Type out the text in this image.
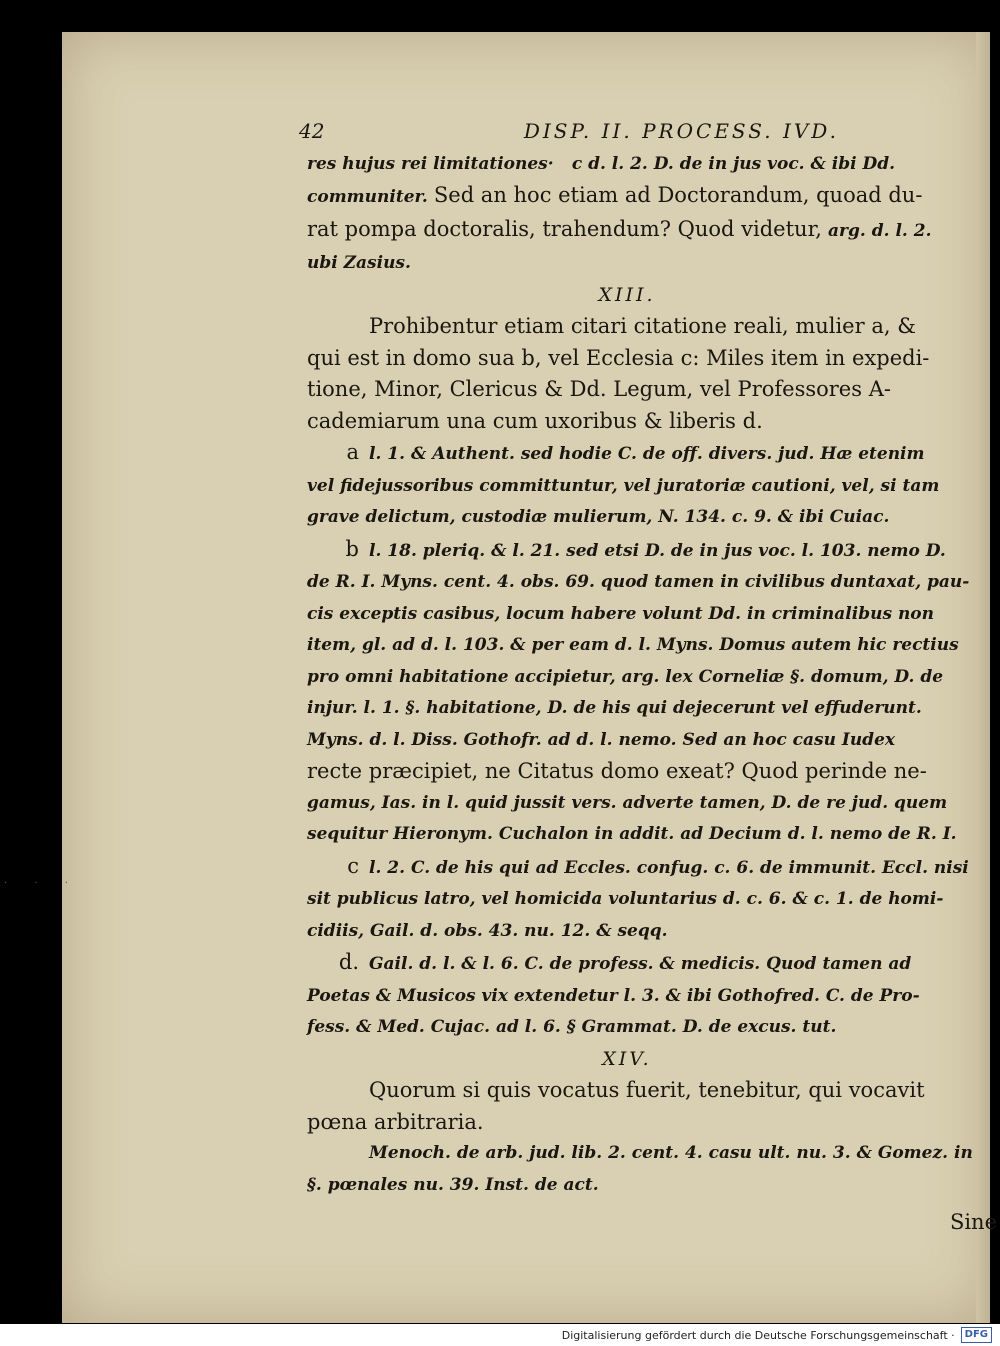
42	DISP. II. PROCESS. IVD.
res hujus rei limitationes· c d. l. 2. D. de in jus voc. & ibi Dd.
communiter. Sed an hoc etiam ad Doctorandum, quoad du-
rat pompa doctoralis, trahendum? Quod videtur, arg. d. l. 2.
ubi Zasius.
XIII.
Prohibentur etiam citari citatione reali, mulier a, &
qui est in domo sua b, vel Ecclesia c: Miles item in expedi-
tione, Minor, Clericus & Dd. Legum, vel Professores A-
cademiarum una cum uxoribus & liberis d.
a l. 1. & Authent. sed hodie C. de off. divers. jud. Hæ etenim
vel fidejussoribus committuntur, vel juratoriæ cautioni, vel, si tam
grave delictum, custodiæ mulierum, N. 134. c. 9. & ibi Cuiac.
b l. 18. pleriq. & l. 21. sed etsi D. de in jus voc. l. 103. nemo D.
de R. I. Myns. cent. 4. obs. 69. quod tamen in civilibus duntaxat, pau-
cis exceptis casibus, locum habere volunt Dd. in criminalibus non
item, gl. ad d. l. 103. & per eam d. l. Myns. Domus autem hic rectius
pro omni habitatione accipietur, arg. lex Corneliæ §. domum, D. de
injur. l. 1. §. habitatione, D. de his qui dejecerunt vel effuderunt.
Myns. d. l. Diss. Gothofr. ad d. l. nemo. Sed an hoc casu Iudex
recte præcipiet, ne Citatus domo exeat? Quod perinde ne-
gamus, Ias. in l. quid jussit vers. adverte tamen, D. de re jud. quem
sequitur Hieronym. Cuchalon in addit. ad Decium d. l. nemo de R. I.
c l. 2. C. de his qui ad Eccles. confug. c. 6. de immunit. Eccl. nisi
sit publicus latro, vel homicida voluntarius d. c. 6. & c. 1. de homi-
cidiis, Gail. d. obs. 43. nu. 12. & seqq.
d. Gail. d. l. & l. 6. C. de profess. & medicis. Quod tamen ad
Poetas & Musicos vix extendetur l. 3. & ibi Gothofred. C. de Pro-
fess. & Med. Cujac. ad l. 6. § Grammat. D. de excus. tut.
XIV.
Quorum si quis vocatus fuerit, tenebitur, qui vocavit
pœna arbitraria.
Menoch. de arb. jud. lib. 2. cent. 4. casu ult. nu. 3. & Gomez. in
§. pœnales nu. 39. Inst. de act.
Sine
· · ·
Digitalisierung gefördert durch die Deutsche Forschungsgemeinschaft ·	DFG
